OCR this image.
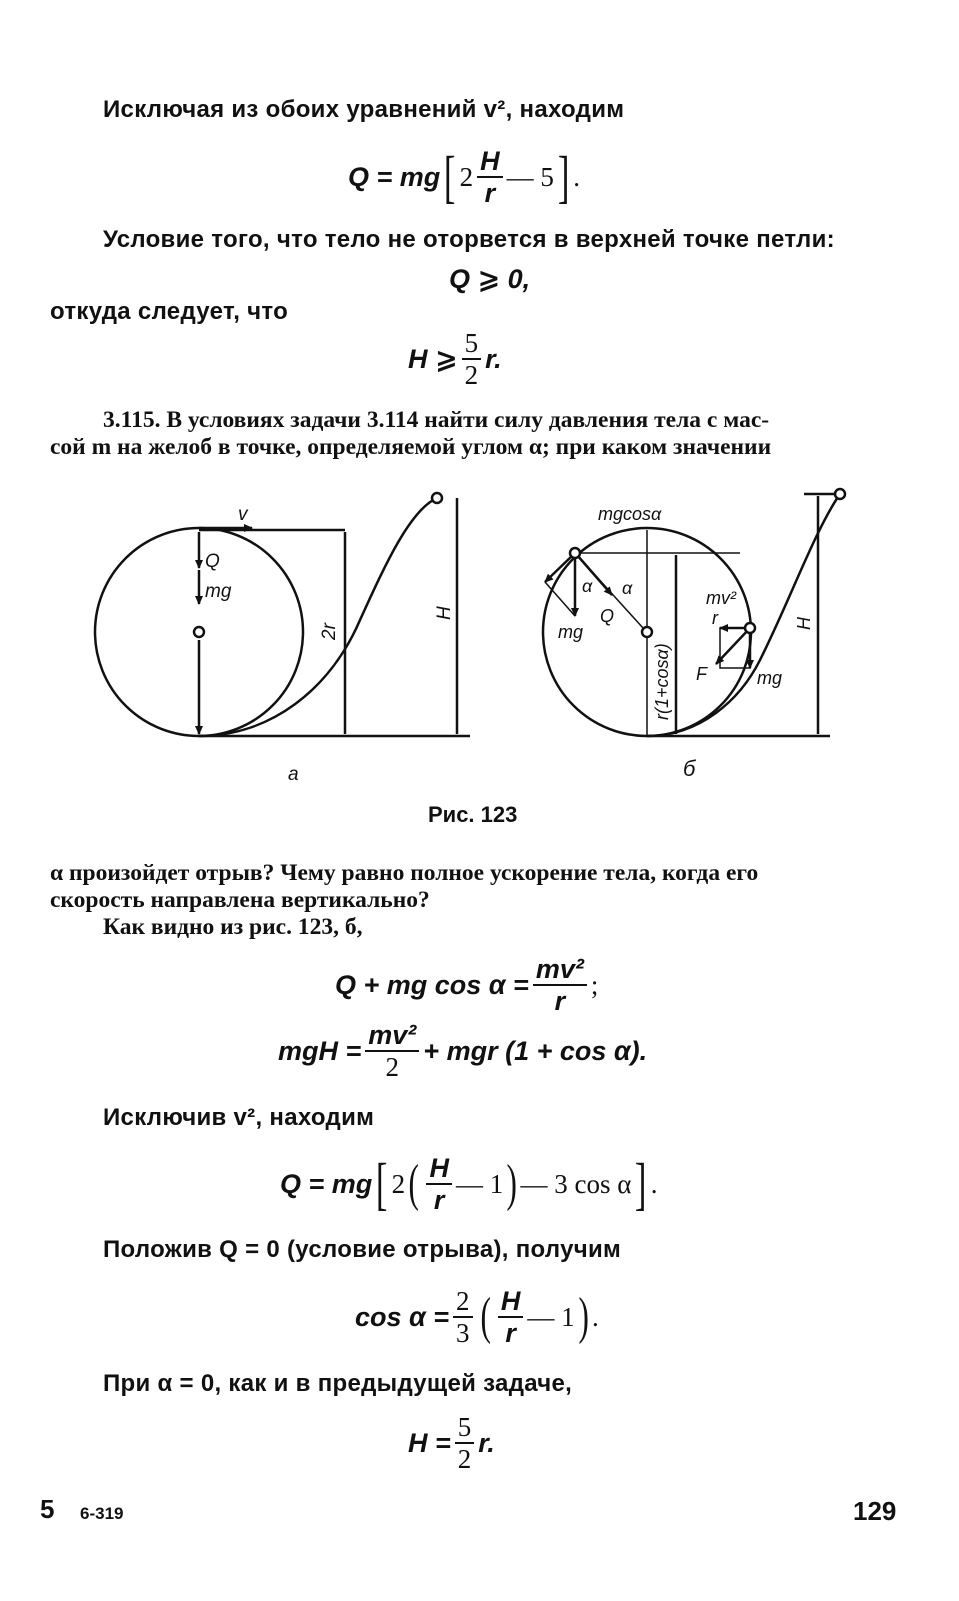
Исключая из обоих уравнений v², находим
Q = mg [ $2 \frac{H}{r}$ — 5 ] .
Условие того, что тело не оторвется в верхней точке петли:
Q ⩾ 0,
откуда следует, что
H ⩾ $\frac{5}{2} r$.
3.115. В условиях задачи 3.114 найти силу давления тела с мас-
сой m на желоб в точке, определяемой углом α; при каком значении
v
Q
mg
2r
H
a
mgcosα
α α
Q
mg
r(1+cosα)
mv²
r
F	mg
H
б
Рис. 123
α произойдет отрыв? Чему равно полное ускорение тела, когда его
скорость направлена вертикально?
Как видно из рис. 123, б,
Q + mg $\cos \alpha = \frac{\text{mv²}}{r}$ ;
mgH = $\frac{\text{mv²}}{2}$ + mgr (1 + cos α).
Исключив v², находим
Q = mg [ 2 ( $\frac{H}{r}$ — 1 ) — 3 cos α ] .
Положив Q = 0 (условие отрыва), получим
$\cos \alpha = \frac{2}{3}$ ( $\frac{H}{r}$ — 1 ) .
При α = 0, как и в предыдущей задаче,
$H = \frac{5}{2} r$.
5 6-319	129
